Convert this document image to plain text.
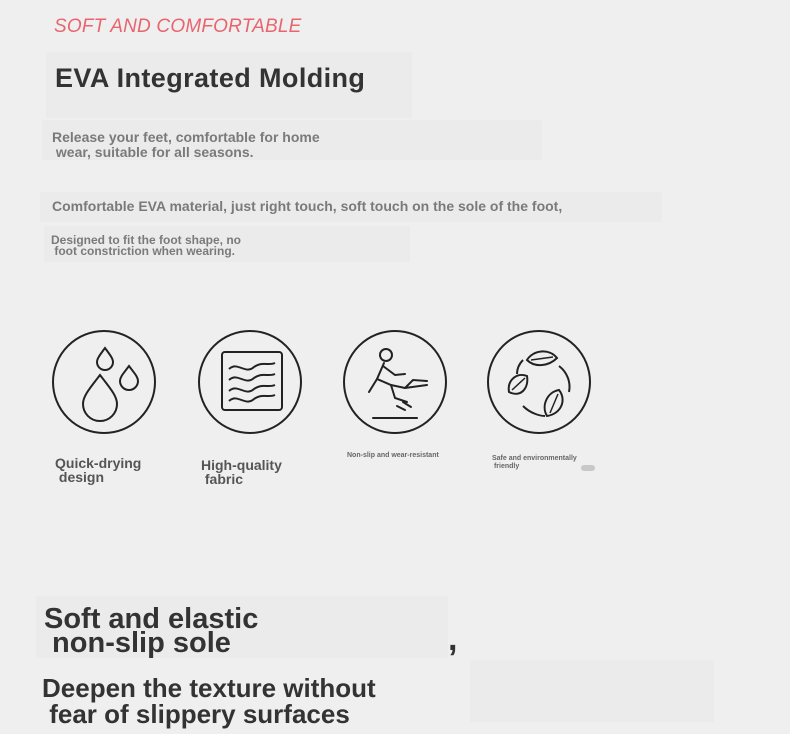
SOFT AND COMFORTABLE
EVA Integrated Molding
Release your feet, comfortable for home
wear, suitable for all seasons.
Comfortable EVA material, just right touch, soft touch on the sole of the foot,
Designed to fit the foot shape, no
foot constriction when wearing.
Quick-drying
design
High-quality
fabric
Non-slip and wear-resistant	Safe and environmentally
friendly
Soft and elastic
non-slip sole	,
Deepen the texture without
fear of slippery surfaces
